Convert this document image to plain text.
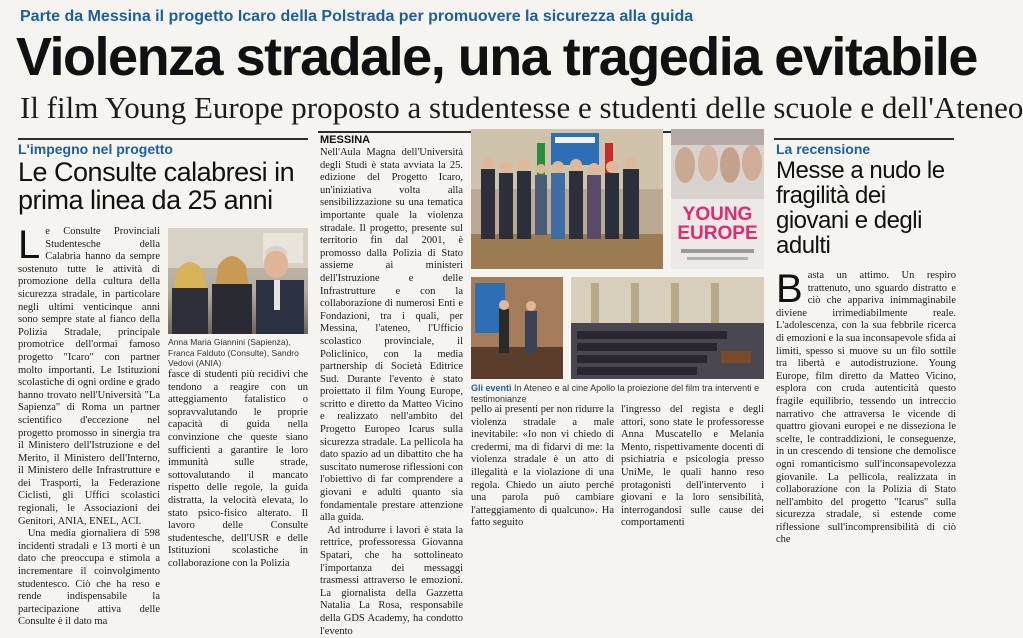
Parte da Messina il progetto Icaro della Polstrada per promuovere la sicurezza alla guida
Violenza stradale, una tragedia evitabile
Il film Young Europe proposto a studentesse e studenti delle scuole e dell'Ateneo
L'impegno nel progetto
Le Consulte calabresi in prima linea da 25 anni
L e Consulte Provinciali Studentesche della Calabria hanno da sempre sostenuto tutte le attività di promozione della cultura della sicurezza stradale, in particolare negli ultimi venticinque anni sono sempre state al fianco della Polizia Stradale, principale promotrice dell'ormai famoso progetto "Icaro" con partner molto importanti. Le Istituzioni scolastiche di ogni ordine e grado hanno trovato nell'Università "La Sapienza" di Roma un partner scientifico d'eccezione nel progetto promosso in sinergia tra il Ministero dell'Istruzione e del Merito, il Ministero dell'Interno, il Ministero delle Infrastrutture e dei Trasporti, la Federazione Ciclisti, gli Uffici scolastici regionali, le Associazioni dei Genitori, ANIA, ENEL, ACI.
Una media giornaliera di 598 incidenti stradali e 13 morti è un dato che preoccupa e stimola a incrementare il coinvolgimento studentesco. Ciò che ha reso e rende indispensabile la partecipazione attiva delle Consulte è il dato ma
Anna Maria Giannini (Sapienza), Franca Falduto (Consulte), Sandro Vedovi (ANIA)
fasce di studenti più recidivi che tendono a reagire con un atteggiamento fatalistico o sopravvalutando le proprie capacità di guida nella convinzione che queste siano sufficienti a garantire le loro immunità sulle strade, sottovalutando il mancato rispetto delle regole, la guida distratta, la velocità elevata, lo stato psico-fisico alterato. Il lavoro delle Consulte studentesche, dell'USR e delle Istituzioni scolastiche in collaborazione con la Polizia
MESSINA
Nell'Aula Magna dell'Università degli Studi è stata avviata la 25. edizione del Progetto Icaro, un'iniziativa volta alla sensibilizzazione su una tematica importante quale la violenza stradale. Il progetto, presente sul territorio fin dal 2001, è promosso dalla Polizia di Stato assieme ai ministeri dell'Istruzione e delle Infrastrutture e con la collaborazione di numerosi Enti e Fondazioni, tra i quali, per Messina, l'ateneo, l'Ufficio scolastico provinciale, il Policlinico, con la media partnership di Società Editrice Sud. Durante l'evento è stato proiettato il film Young Europe, scritto e diretto da Matteo Vicino e realizzato nell'ambito del Progetto Europeo Icarus sulla sicurezza stradale. La pellicola ha dato spazio ad un dibattito che ha suscitato numerose riflessioni con l'obiettivo di far comprendere a giovani e adulti quanto sia fondamentale prestare attenzione alla guida.
Ad introdurre i lavori è stata la rettrice, professoressa Giovanna Spatari, che ha sottolineato l'importanza dei messaggi trasmessi attraverso le emozioni. La giornalista della Gazzetta Natalia La Rosa, responsabile della GDS Academy, ha condotto l'evento
YOUNG
EUROPE
Gli eventi In Ateneo e al cine Apollo la proiezione del film tra interventi e testimonianze
pello ai presenti per non ridurre la violenza stradale a male inevitabile: «Io non vi chiedo di credermi, ma di fidarvi di me: la violenza stradale è un atto di illegalità e la violazione di una regola. Chiedo un aiuto perché una parola può cambiare l'atteggiamento di qualcuno». Ha fatto seguito
l'ingresso del regista e degli attori, sono state le professoresse Anna Muscatello e Melania Mento, rispettivamente docenti di psichiatria e psicologia presso UniMe, le quali hanno reso protagonisti dell'intervento i giovani e la loro sensibilità, interrogandosi sulle cause dei comportamenti
La recensione
Messe a nudo le fragilità dei giovani e degli adulti
B asta un attimo. Un respiro trattenuto, uno sguardo distratto e ciò che appariva inimmaginabile diviene irrimediabilmente reale. L'adolescenza, con la sua febbrile ricerca di emozioni e la sua inconsapevole sfida ai limiti, spesso si muove su un filo sottile tra libertà e autodistruzione. Young Europe, film diretto da Matteo Vicino, esplora con cruda autenticità questo fragile equilibrio, tessendo un intreccio narrativo che attraversa le vicende di quattro giovani europei e ne disseziona le scelte, le contraddizioni, le conseguenze, in un crescendo di tensione che demolisce ogni romanticismo sull'inconsapevolezza giovanile. La pellicola, realizzata in collaborazione con la Polizia di Stato nell'ambito del progetto "Icarus" sulla sicurezza stradale, si estende come riflessione sull'incomprensibilità di ciò che
